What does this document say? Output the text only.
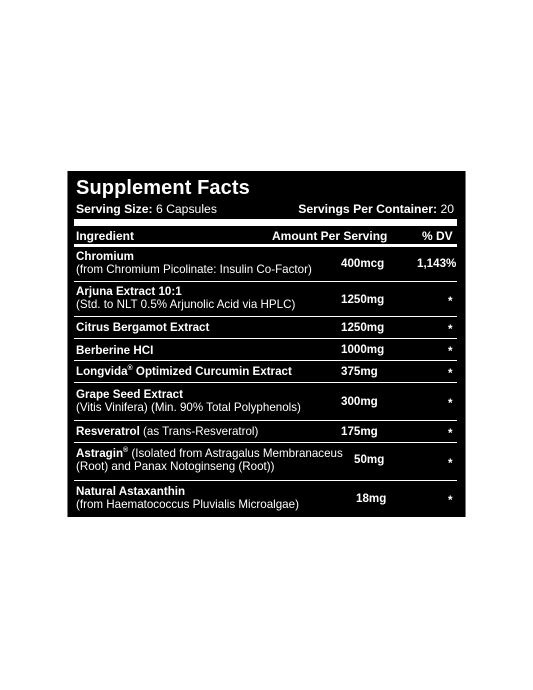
Supplement Facts
Serving Size: 6 Capsules	Servings Per Container: 20
Ingredient	Amount Per Serving	% DV
Chromium
(from Chromium Picolinate: Insulin Co-Factor)	400mcg	1,143%
Arjuna Extract 10:1
(Std. to NLT 0.5% Arjunolic Acid via HPLC)	1250mg	*
Citrus Bergamot Extract	1250mg	*
Berberine HCI	1000mg	*
Longvida® Optimized Curcumin Extract	375mg	*
Grape Seed Extract
(Vitis Vinifera) (Min. 90% Total Polyphenols)	300mg	*
Resveratrol (as Trans-Resveratrol)	175mg	*
Astragin® (Isolated from Astragalus Membranaceus
(Root) and Panax Notoginseng (Root))
50mg	*
Natural Astaxanthin
(from Haematococcus Pluvialis Microalgae)	18mg	*
